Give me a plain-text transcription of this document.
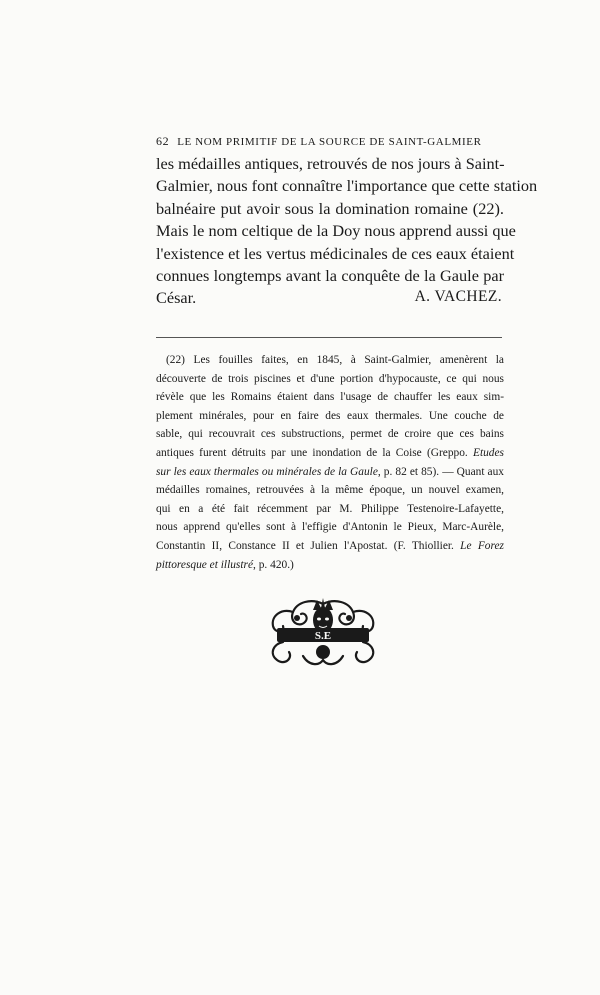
62 LE NOM PRIMITIF DE LA SOURCE DE SAINT-GALMIER
les médailles antiques, retrouvés de nos jours à Saint-
Galmier, nous font connaître l'importance que cette station
balnéaire put avoir sous la domination romaine (22).
Mais le nom celtique de la Doy nous apprend aussi que
l'existence et les vertus médicinales de ces eaux étaient
connues longtemps avant la conquête de la Gaule par
César.	A. VACHEZ.
(22) Les fouilles faites, en 1845, à Saint-Galmier, amenèrent la
découverte de trois piscines et d'une portion d'hypocauste, ce qui nous
révèle que les Romains étaient dans l'usage de chauffer les eaux sim-
plement minérales, pour en faire des eaux thermales. Une couche de
sable, qui recouvrait ces substructions, permet de croire que ces bains
antiques furent détruits par une inondation de la Coise (Greppo. Etudes
sur les eaux thermales ou minérales de la Gaule, p. 82 et 85). — Quant aux
médailles romaines, retrouvées à la même époque, un nouvel examen,
qui en a été fait récemment par M. Philippe Testenoire-Lafayette,
nous apprend qu'elles sont à l'effigie d'Antonin le Pieux, Marc-Aurèle,
Constantin II, Constance II et Julien l'Apostat. (F. Thiollier. Le Forez
pittoresque et illustré, p. 420.)
S.E
